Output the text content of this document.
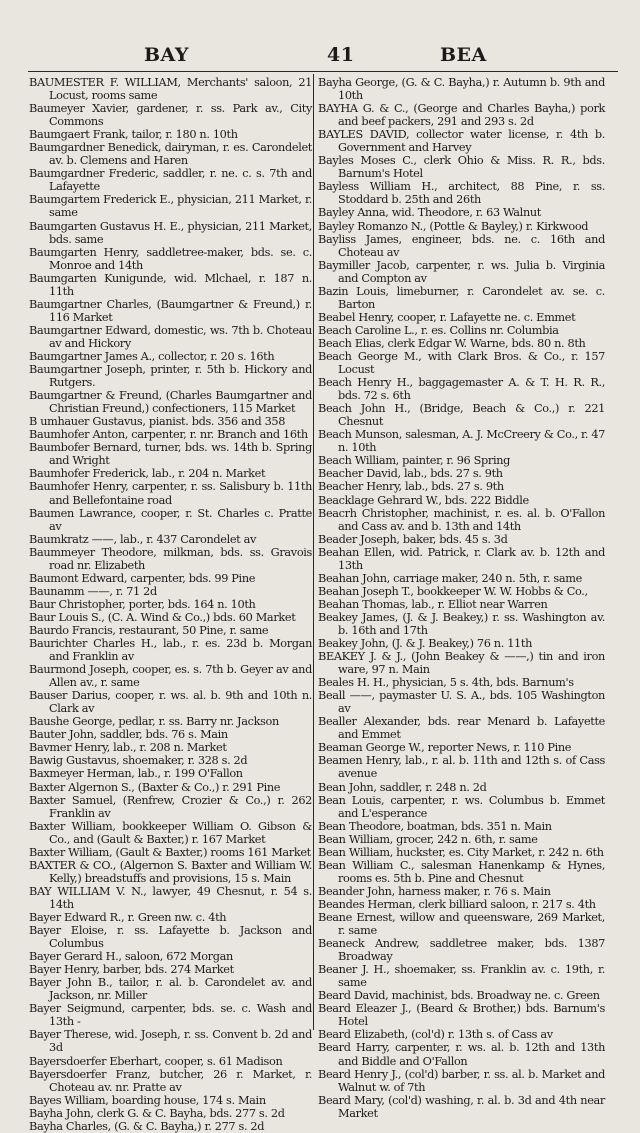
BAY	41	BEA

BAUMESTER F. WILLIAM, Merchants' saloon, 21 Locust, rooms same

Baumeyer Xavier, gardener, r. ss. Park av., City Commons

Baumgaert Frank, tailor, r. 180 n. 10th

Baumgardner Benedick, dairyman, r. es. Carondelet av. b. Clemens and Haren

Baumgardner Frederic, saddler, r. ne. c. s. 7th and Lafayette

Baumgartem Frederick E., physician, 211 Market, r. same

Baumgarten Gustavus H. E., physician, 211 Market, bds. same

Baumgarten Henry, saddletree-maker, bds. se. c. Monroe and 14th

Baumgarten Kunigunde, wid. Mlchael, r. 187 n. 11th

Baumgartner Charles, (Baumgartner & Freund,) r. 116 Market

Baumgartner Edward, domestic, ws. 7th b. Choteau av and Hickory

Baumgartner James A., collector, r. 20 s. 16th

Baumgartner Joseph, printer, r. 5th b. Hickory and Rutgers.

Baumgartner & Freund, (Charles Baumgartner and Christian Freund,) confectioners, 115 Market

B umhauer Gustavus, pianist. bds. 356 and 358

Baumhofer Anton, carpenter, r. nr. Branch and 16th

Baumbofer Bernard, turner, bds. ws. 14th b. Spring and Wright

Baumhofer Frederick, lab., r. 204 n. Market

Baumhofer Henry, carpenter, r. ss. Salisbury b. 11th and Bellefontaine road

Baumen Lawrance, cooper, r. St. Charles c. Pratte av

Baumkratz ——, lab., r. 437 Carondelet av

Baummeyer Theodore, milkman, bds. ss. Gravois road nr. Elizabeth

Baumont Edward, carpenter, bds. 99 Pine

Baunamm ——, r. 71 2d

Baur Christopher, porter, bds. 164 n. 10th

Baur Louis S., (C. A. Wind & Co.,) bds. 60 Market

Baurdo Francis, restaurant, 50 Pine, r. same

Baurichter Charles H., lab., r. es. 23d b. Morgan and Franklin av

Baurmond Joseph, cooper, es. s. 7th b. Geyer av and Allen av., r. same

Bauser Darius, cooper, r. ws. al. b. 9th and 10th n. Clark av

Baushe George, pedlar, r. ss. Barry nr. Jackson

Bauter John, saddler, bds. 76 s. Main

Bavmer Henry, lab., r. 208 n. Market

Bawig Gustavus, shoemaker, r. 328 s. 2d

Baxmeyer Herman, lab., r. 199 O'Fallon

Baxter Algernon S., (Baxter & Co.,) r. 291 Pine

Baxter Samuel, (Renfrew, Crozier & Co.,) r. 262 Franklin av

Baxter William, bookkeeper William O. Gibson & Co., and (Gault & Baxter,) r. 167 Market

Baxter William, (Gault & Baxter,) rooms 161 Market

BAXTER & CO., (Algernon S. Baxter and William W. Kelly,) breadstuffs and provisions, 15 s. Main

BAY WILLIAM V. N., lawyer, 49 Chesnut, r. 54 s. 14th

Bayer Edward R., r. Green nw. c. 4th

Bayer Eloise, r. ss. Lafayette b. Jackson and Columbus

Bayer Gerard H., saloon, 672 Morgan

Bayer Henry, barber, bds. 274 Market

Bayer John B., tailor, r. al. b. Carondelet av. and Jackson, nr. Miller

Bayer Seigmund, carpenter, bds. se. c. Wash and 13th -

Bayer Therese, wid. Joseph, r. ss. Convent b. 2d and 3d

Bayersdoerfer Eberhart, cooper, s. 61 Madison

Bayersdoerfer Franz, butcher, 26 r. Market, r. Choteau av. nr. Pratte av

Bayes William, boarding house, 174 s. Main

Bayha John, clerk G. & C. Bayha, bds. 277 s. 2d

Bayha Charles, (G. & C. Bayha,) r. 277 s. 2d

Bayha George, (G. & C. Bayha,) r. Autumn b. 9th and 10th

BAYHA G. & C., (George and Charles Bayha,) pork and beef packers, 291 and 293 s. 2d

BAYLES DAVID, collector water license, r. 4th b. Government and Harvey

Bayles Moses C., clerk Ohio & Miss. R. R., bds. Barnum's Hotel

Bayless William H., architect, 88 Pine, r. ss. Stoddard b. 25th and 26th

Bayley Anna, wid. Theodore, r. 63 Walnut

Bayley Romanzo N., (Pottle & Bayley,) r. Kirkwood

Bayliss James, engineer, bds. ne. c. 16th and Choteau av

Baymiller Jacob, carpenter, r. ws. Julia b. Virginia and Compton av

Bazin Louis, limeburner, r. Carondelet av. se. c. Barton

Beabel Henry, cooper, r. Lafayette ne. c. Emmet

Beach Caroline L., r. es. Collins nr. Columbia

Beach Elias, clerk Edgar W. Warne, bds. 80 n. 8th

Beach George M., with Clark Bros. & Co., r. 157 Locust

Beach Henry H., baggagemaster A. & T. H. R. R., bds. 72 s. 6th

Beach John H., (Bridge, Beach & Co.,) r. 221 Chesnut

Beach Munson, salesman, A. J. McCreery & Co., r. 47 n. 10th

Beach William, painter, r. 96 Spring

Beacher David, lab., bds. 27 s. 9th

Beacher Henry, lab., bds. 27 s. 9th

Beacklage Gehrard W., bds. 222 Biddle

Beacrh Christopher, machinist, r. es. al. b. O'Fallon and Cass av. and b. 13th and 14th

Beader Joseph, baker, bds. 45 s. 3d

Beahan Ellen, wid. Patrick, r. Clark av. b. 12th and 13th

Beahan John, carriage maker, 240 n. 5th, r. same

Beahan Joseph T., bookkeeper W. W. Hobbs & Co.,

Beahan Thomas, lab., r. Elliot near Warren

Beakey James, (J. & J. Beakey,) r. ss. Washington av. b. 16th and 17th

Beakey John, (J. & J. Beakey,) 76 n. 11th

BEAKEY J. & J., (John Beakey & ——,) tin and iron ware, 97 n. Main

Beales H. H., physician, 5 s. 4th, bds. Barnum's

Beall ——, paymaster U. S. A., bds. 105 Washington av

Bealler Alexander, bds. rear Menard b. Lafayette and Emmet

Beaman George W., reporter News, r. 110 Pine

Beamen Henry, lab., r. al. b. 11th and 12th s. of Cass avenue

Bean John, saddler, r. 248 n. 2d

Bean Louis, carpenter, r. ws. Columbus b. Emmet and L'esperance

Bean Theodore, boatman, bds. 351 n. Main

Bean William, grocer, 242 n. 6th, r. same

Bean William, huckster, es. City Market, r. 242 n. 6th

Bean William C., salesman Hanenkamp & Hynes, rooms es. 5th b. Pine and Chesnut

Beander John, harness maker, r. 76 s. Main

Beandes Herman, clerk billiard saloon, r. 217 s. 4th

Beane Ernest, willow and queensware, 269 Market, r. same

Beaneck Andrew, saddletree maker, bds. 1387 Broadway

Beaner J. H., shoemaker, ss. Franklin av. c. 19th, r. same

Beard David, machinist, bds. Broadway ne. c. Green

Beard Eleazer J., (Beard & Brother,) bds. Barnum's Hotel

Beard Elizabeth, (col'd) r. 13th s. of Cass av

Beard Harry, carpenter, r. ws. al. b. 12th and 13th and Biddle and O'Fallon

Beard Henry J., (col'd) barber, r. ss. al. b. Market and Walnut w. of 7th

Beard Mary, (col'd) washing, r. al. b. 3d and 4th near Market
